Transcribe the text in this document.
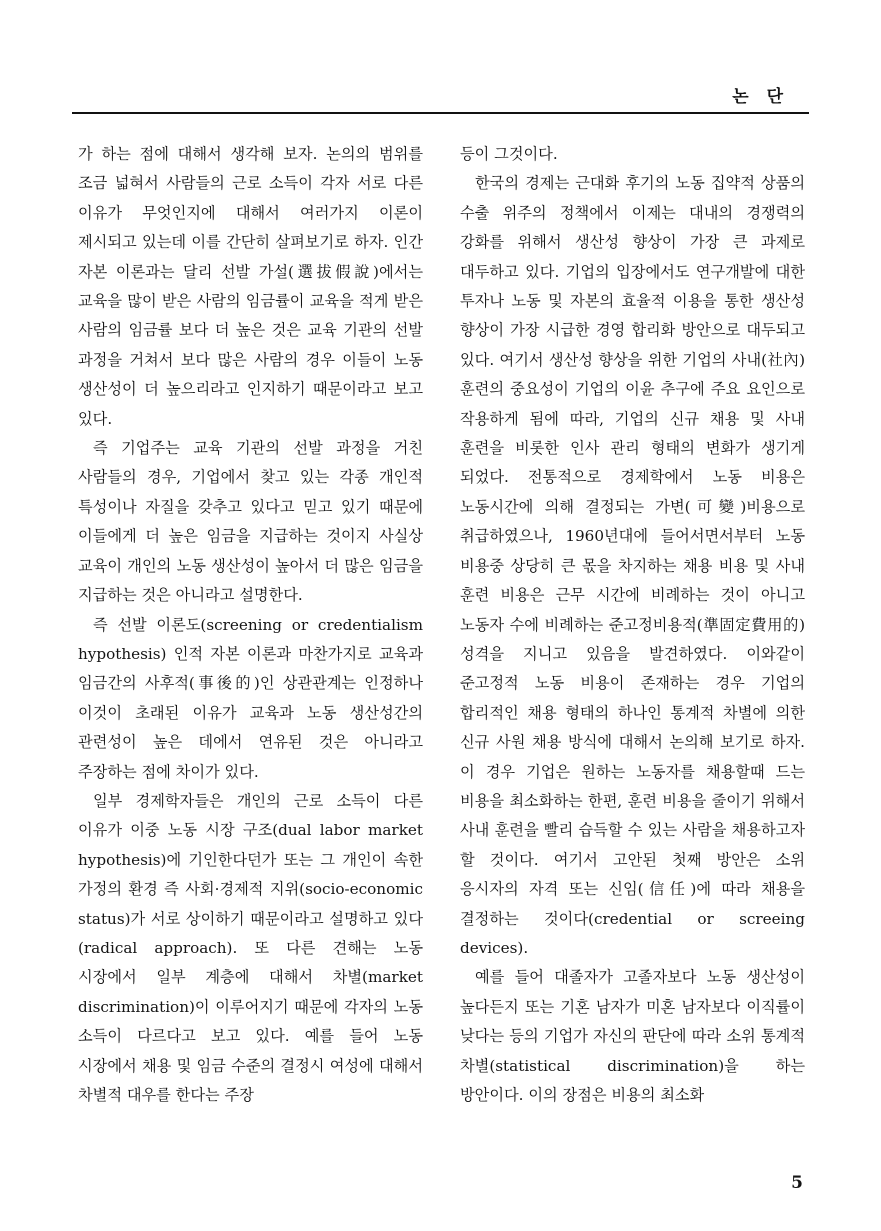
논 단

가 하는 점에 대해서 생각해 보자. 논의의 범위를 조금 넓혀서 사람들의 근로 소득이 각자 서로 다른 이유가 무엇인지에 대해서 여러가지 이론이 제시되고 있는데 이를 간단히 살펴보기로 하자. 인간 자본 이론과는 달리 선발 가설(選拔假說)에서는 교육을 많이 받은 사람의 임금률이 교육을 적게 받은 사람의 임금률 보다 더 높은 것은 교육 기관의 선발 과정을 거쳐서 보다 많은 사람의 경우 이들이 노동 생산성이 더 높으리라고 인지하기 때문이라고 보고 있다.

즉 기업주는 교육 기관의 선발 과정을 거친 사람들의 경우, 기업에서 찾고 있는 각종 개인적 특성이나 자질을 갖추고 있다고 믿고 있기 때문에 이들에게 더 높은 임금을 지급하는 것이지 사실상 교육이 개인의 노동 생산성이 높아서 더 많은 임금을 지급하는 것은 아니라고 설명한다.

즉 선발 이론도(screening or credentialism hypothesis) 인적 자본 이론과 마찬가지로 교육과 임금간의 사후적(事後的)인 상관관계는 인정하나 이것이 초래된 이유가 교육과 노동 생산성간의 관련성이 높은 데에서 연유된 것은 아니라고 주장하는 점에 차이가 있다.

일부 경제학자들은 개인의 근로 소득이 다른 이유가 이중 노동 시장 구조(dual labor market hypothesis)에 기인한다던가 또는 그 개인이 속한 가정의 환경 즉 사회·경제적 지위(socio-economic status)가 서로 상이하기 때문이라고 설명하고 있다(radical approach). 또 다른 견해는 노동 시장에서 일부 계층에 대해서 차별(market discrimination)이 이루어지기 때문에 각자의 노동 소득이 다르다고 보고 있다. 예를 들어 노동 시장에서 채용 및 임금 수준의 결정시 여성에 대해서 차별적 대우를 한다는 주장

등이 그것이다.

한국의 경제는 근대화 후기의 노동 집약적 상품의 수출 위주의 정책에서 이제는 대내의 경쟁력의 강화를 위해서 생산성 향상이 가장 큰 과제로 대두하고 있다. 기업의 입장에서도 연구개발에 대한 투자나 노동 및 자본의 효율적 이용을 통한 생산성 향상이 가장 시급한 경영 합리화 방안으로 대두되고 있다. 여기서 생산성 향상을 위한 기업의 사내(社內) 훈련의 중요성이 기업의 이윤 추구에 주요 요인으로 작용하게 됨에 따라, 기업의 신규 채용 및 사내 훈련을 비롯한 인사 관리 형태의 변화가 생기게 되었다. 전통적으로 경제학에서 노동 비용은 노동시간에 의해 결정되는 가변(可變)비용으로 취급하였으나, 1960년대에 들어서면서부터 노동 비용중 상당히 큰 몫을 차지하는 채용 비용 및 사내 훈련 비용은 근무 시간에 비례하는 것이 아니고 노동자 수에 비례하는 준고정비용적(準固定費用的) 성격을 지니고 있음을 발견하였다. 이와같이 준고정적 노동 비용이 존재하는 경우 기업의 합리적인 채용 형태의 하나인 통계적 차별에 의한 신규 사원 채용 방식에 대해서 논의해 보기로 하자. 이 경우 기업은 원하는 노동자를 채용할때 드는 비용을 최소화하는 한편, 훈련 비용을 줄이기 위해서 사내 훈련을 빨리 습득할 수 있는 사람을 채용하고자 할 것이다. 여기서 고안된 첫째 방안은 소위 응시자의 자격 또는 신임(信任)에 따라 채용을 결정하는 것이다(credential or screeing devices).

예를 들어 대졸자가 고졸자보다 노동 생산성이 높다든지 또는 기혼 남자가 미혼 남자보다 이직률이 낮다는 등의 기업가 자신의 판단에 따라 소위 통계적 차별(statistical discrimination)을 하는 방안이다. 이의 장점은 비용의 최소화

5
